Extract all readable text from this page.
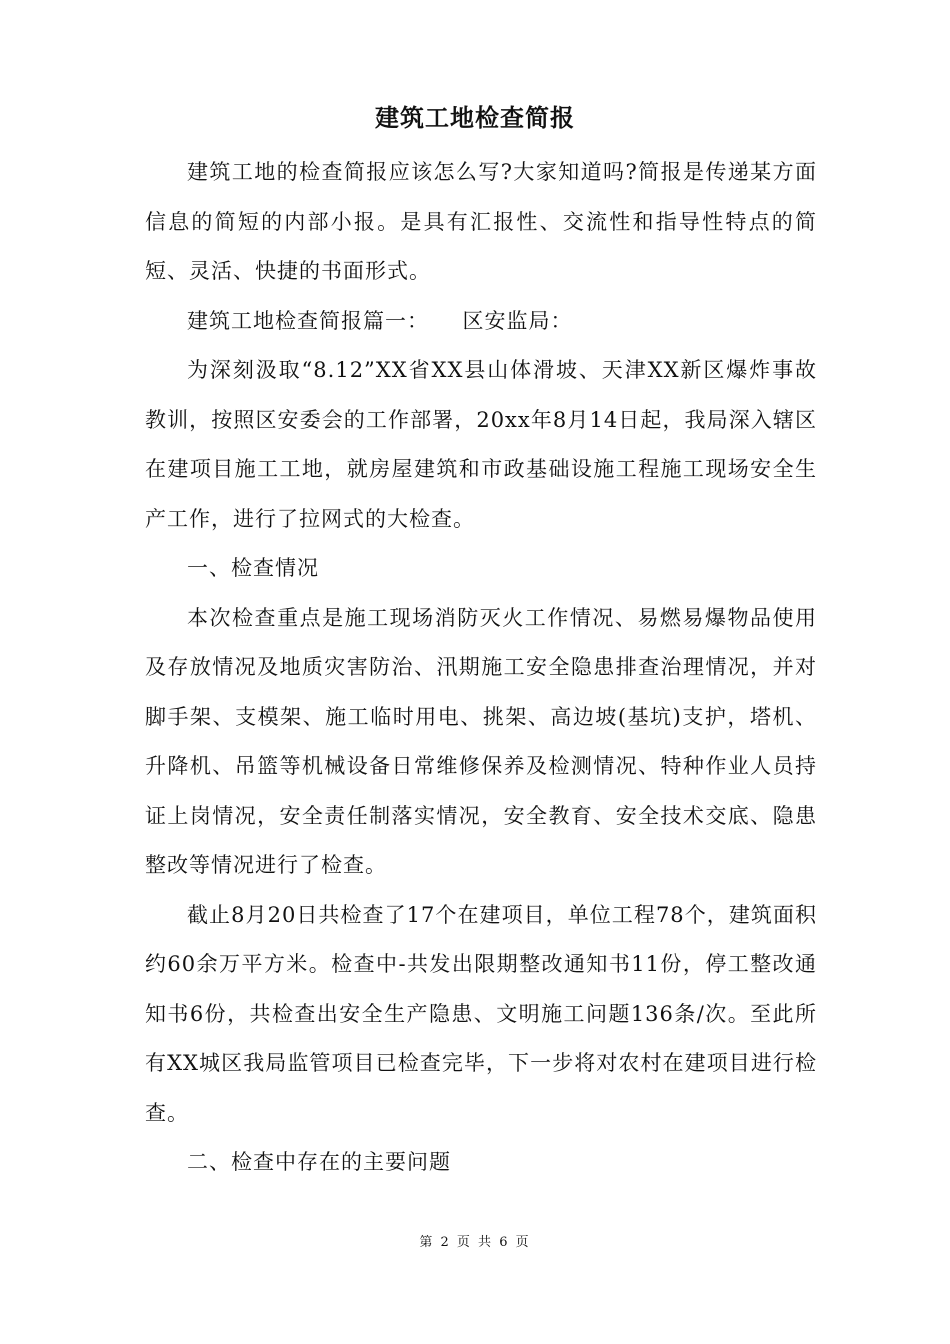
建筑工地检查简报

建筑工地的检查简报应该怎么写?大家知道吗?简报是传递某方面信息的简短的内部小报。是具有汇报性、交流性和指导性特点的简短、灵活、快捷的书面形式。

建筑工地检查简报篇一：　　区安监局：

为深刻汲取“8.12”XX省XX县山体滑坡、天津XX新区爆炸事故教训，按照区安委会的工作部署，20xx年8月14日起，我局深入辖区在建项目施工工地，就房屋建筑和市政基础设施工程施工现场安全生产工作，进行了拉网式的大检查。

一、检查情况

本次检查重点是施工现场消防灭火工作情况、易燃易爆物品使用及存放情况及地质灾害防治、汛期施工安全隐患排查治理情况，并对脚手架、支模架、施工临时用电、挑架、高边坡(基坑)支护，塔机、升降机、吊篮等机械设备日常维修保养及检测情况、特种作业人员持证上岗情况，安全责任制落实情况，安全教育、安全技术交底、隐患整改等情况进行了检查。

截止8月20日共检查了17个在建项目，单位工程78个，建筑面积约60余万平方米。检查中-共发出限期整改通知书11份，停工整改通知书6份，共检查出安全生产隐患、文明施工问题136条/次。至此所有XX城区我局监管项目已检查完毕，下一步将对农村在建项目进行检查。

二、检查中存在的主要问题

第 2 页 共 6 页
